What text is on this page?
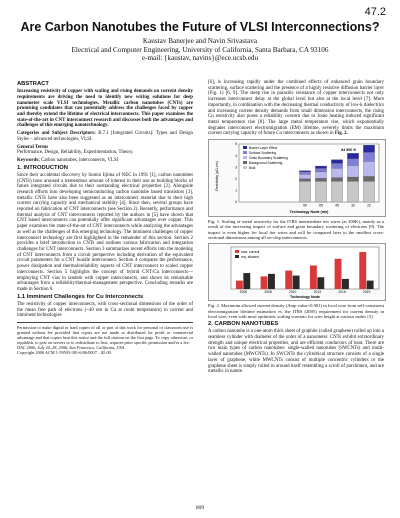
47.2
Are Carbon Nanotubes the Future of VLSI Interconnections?
Kaustav Banerjee and Navin Srivastava
Electrical and Computer Engineering, University of California, Santa Barbara, CA 93106
e-mail: {kaustav, navins}@ece.ucsb.edu
ABSTRACT
Increasing resistivity of copper with scaling and rising demands on current density requirements are driving the need to identify new wiring solutions for deep nanometer scale VLSI technologies. Metallic carbon nanotubes (CNTs) are promising candidates that can potentially address the challenges faced by copper and thereby extend the lifetime of electrical interconnects. This paper examines the state-of-the-art in CNT interconnect research and discusses both the advantages and challenges of this emerging nanotechnology.
Categories and Subject Descriptors: B.7.1 [Integrated Circuits]: Types and Design Styles – advanced technologies, VLSI.
General Terms
Performance, Design, Reliability, Experimentation, Theory.
Keywords: Carbon nanotubes, interconnects, VLSI
1. INTRODUCTION
Since their accidental discovery by Sumio Iijima of NEC in 1991 [1], carbon nanotubes (CNTs) have aroused a tremendous amount of interest in their use as building blocks of future integrated circuits due to their outstanding electrical properties [2]. Alongside research efforts into developing semiconducting carbon nanotube based transistors [3], metallic CNTs have also been suggested as an interconnect material due to their high current carrying capacity and mechanical stability [4]. Since then, several groups have reported on fabrication of CNT interconnects (see Section 2). Recently, performance and thermal analysis of CNT interconnects reported by the authors in [5] have shown that CNT based interconnects can potentially offer significant advantages over copper. This paper examines the state-of-the-art of CNT interconnects while analyzing the advantages as well as the challenges of this emerging technology. The imminent challenges of copper interconnect technology are first highlighted in the remainder of this section. Section 2 provides a brief introduction to CNTs and outlines various fabrication and integration challenges for CNT interconnects. Section 3 summarizes recent efforts into the modeling of CNT interconnects from a circuit perspective including derivation of the equivalent circuit parameters for a CNT bundle interconnect. Section 4 compares the performance, power dissipation and thermal/reliability aspects of CNT interconnect to scaled copper interconnects. Section 5 highlights the concept of hybrid CNT/Cu interconnects—employing CNT vias in tandem with copper interconnects, and shows its remarkable advantages from a reliability/thermal-management perspective. Concluding remarks are made in Section 6.
1.1 Imminent Challenges for Cu Interconnects
The resistivity of copper interconnects, with cross-sectional dimensions of the order of the mean free path of electrons (~40 nm in Cu at room temperature) in current and imminent technologies
Permission to make digital or hard copies of all or part of this work for personal or classroom use is granted without fee provided that copies are not made or distributed for profit or commercial advantage and that copies bear this notice and the full citation on the first page. To copy otherwise, or republish, to post on servers or to redistribute to lists, requires prior specific permission and/or a fee.
DAC 2006, July 24–28, 2006, San Francisco, California, USA.
Copyright 2006 ACM 1-59593-381-6/06/0007 ...$5.00.
[6], is increasing rapidly under the combined effects of enhanced grain boundary scattering, surface scattering and the presence of a highly resistive diffusion barrier layer (Fig. 1) [6, 9]. The steep rise in parasitic resistance of copper interconnects not only increases interconnect delay at the global level but also at the local level [7]. More importantly, in combination with the decreasing thermal conductivity of low-k dielectrics and increasing current density demands from small dimension interconnects, the rising Cu resistivity also poses a reliability concern due to Joule heating induced significant metal temperature rise [8]. The large metal temperature rise, which exponentially degrades interconnect electromigration (EM) lifetime, severely limits the maximum current carrying capacity of future Cu interconnects as shown in Fig. 2.
0
1
2
3
4
5
90	65	45	32	22
Barrier Layer Effect
Surface Scattering
Grain Boundary Scattering
Background Scattering
Bulk
At 300 K
Resistivity (μΩ-cm)
Technology Node (nm)
Fig. 1. Scaling of metal resistivity for the ITRS intermediate tier wires (at 300K), mainly as a result of the increasing impact of surface and grain boundary scattering of electrons [9]. The impact is even higher for local tier wires and will be compared later to the smallest cross-sectional dimensions among all on-chip interconnects.
2005	2008	2010	2013	2016	2019
max. current
req. allowed
Technology Node
Fig. 2. Maximum allowed current density (Amp value×0.001) in local wire from self-consistent electromigration lifetime estimation vs. the ITRS (2005) requirement for current density in local wire, even with most optimistic scaling scenario for wire height at various nodes [3].
2. CARBON NANOTUBES
A carbon nanotube is a one-atom thick sheet of graphite (called graphene) rolled up into a seamless cylinder with diameter of the order of a nanometer. CNTs exhibit extraordinary strength and unique electrical properties, and are efficient conductors of heat. There are two main types of carbon nanotubes: single-walled nanotubes (SWCNTs) and multi-walled nanotubes (MWCNTs). In SWCNTs the cylindrical structure consists of a single layer of graphene, while MWCNTs consist of multiple concentric cylinders or the graphene sheet is simply rolled in around itself resembling a scroll of parchment, and are metallic in nature.
809
